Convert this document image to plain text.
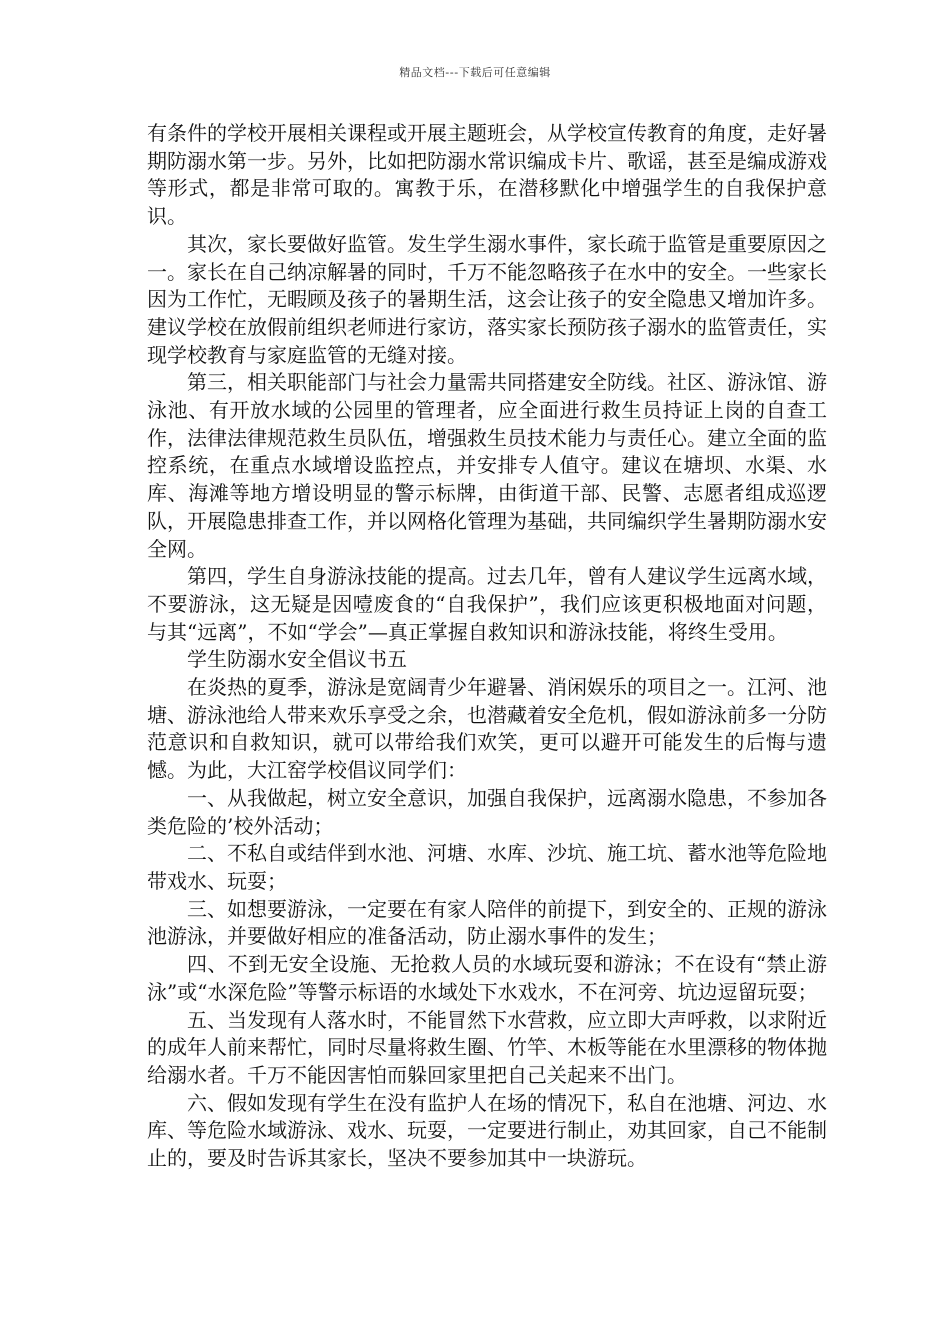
精品文档---下载后可任意编辑

有条件的学校开展相关课程或开展主题班会，从学校宣传教育的角度，走好暑期防溺水第一步。另外，比如把防溺水常识编成卡片、歌谣，甚至是编成游戏等形式，都是非常可取的。寓教于乐，在潜移默化中增强学生的自我保护意识。

其次，家长要做好监管。发生学生溺水事件，家长疏于监管是重要原因之一。家长在自己纳凉解暑的同时，千万不能忽略孩子在水中的安全。一些家长因为工作忙，无暇顾及孩子的暑期生活，这会让孩子的安全隐患又增加许多。建议学校在放假前组织老师进行家访，落实家长预防孩子溺水的监管责任，实现学校教育与家庭监管的无缝对接。

第三，相关职能部门与社会力量需共同搭建安全防线。社区、游泳馆、游泳池、有开放水域的公园里的管理者，应全面进行救生员持证上岗的自查工作，法律法律规范救生员队伍，增强救生员技术能力与责任心。建立全面的监控系统，在重点水域增设监控点，并安排专人值守。建议在塘坝、水渠、水库、海滩等地方增设明显的警示标牌，由街道干部、民警、志愿者组成巡逻队，开展隐患排查工作，并以网格化管理为基础，共同编织学生暑期防溺水安全网。

第四，学生自身游泳技能的提高。过去几年，曾有人建议学生远离水域，不要游泳，这无疑是因噎废食的“自我保护”，我们应该更积极地面对问题，与其“远离”，不如“学会”—真正掌握自救知识和游泳技能，将终生受用。

学生防溺水安全倡议书五

在炎热的夏季，游泳是宽阔青少年避暑、消闲娱乐的项目之一。江河、池塘、游泳池给人带来欢乐享受之余，也潜藏着安全危机，假如游泳前多一分防范意识和自救知识，就可以带给我们欢笑，更可以避开可能发生的后悔与遗憾。为此，大江窑学校倡议同学们：

一、从我做起，树立安全意识，加强自我保护，远离溺水隐患，不参加各类危险的’校外活动；

二、不私自或结伴到水池、河塘、水库、沙坑、施工坑、蓄水池等危险地带戏水、玩耍；

三、如想要游泳，一定要在有家人陪伴的前提下，到安全的、正规的游泳池游泳，并要做好相应的准备活动，防止溺水事件的发生；

四、不到无安全设施、无抢救人员的水域玩耍和游泳；不在设有“禁止游泳”或“水深危险”等警示标语的水域处下水戏水，不在河旁、坑边逗留玩耍；

五、当发现有人落水时，不能冒然下水营救，应立即大声呼救，以求附近的成年人前来帮忙，同时尽量将救生圈、竹竿、木板等能在水里漂移的物体抛给溺水者。千万不能因害怕而躲回家里把自己关起来不出门。

六、假如发现有学生在没有监护人在场的情况下，私自在池塘、河边、水库、等危险水域游泳、戏水、玩耍，一定要进行制止，劝其回家，自己不能制止的，要及时告诉其家长，坚决不要参加其中一块游玩。
